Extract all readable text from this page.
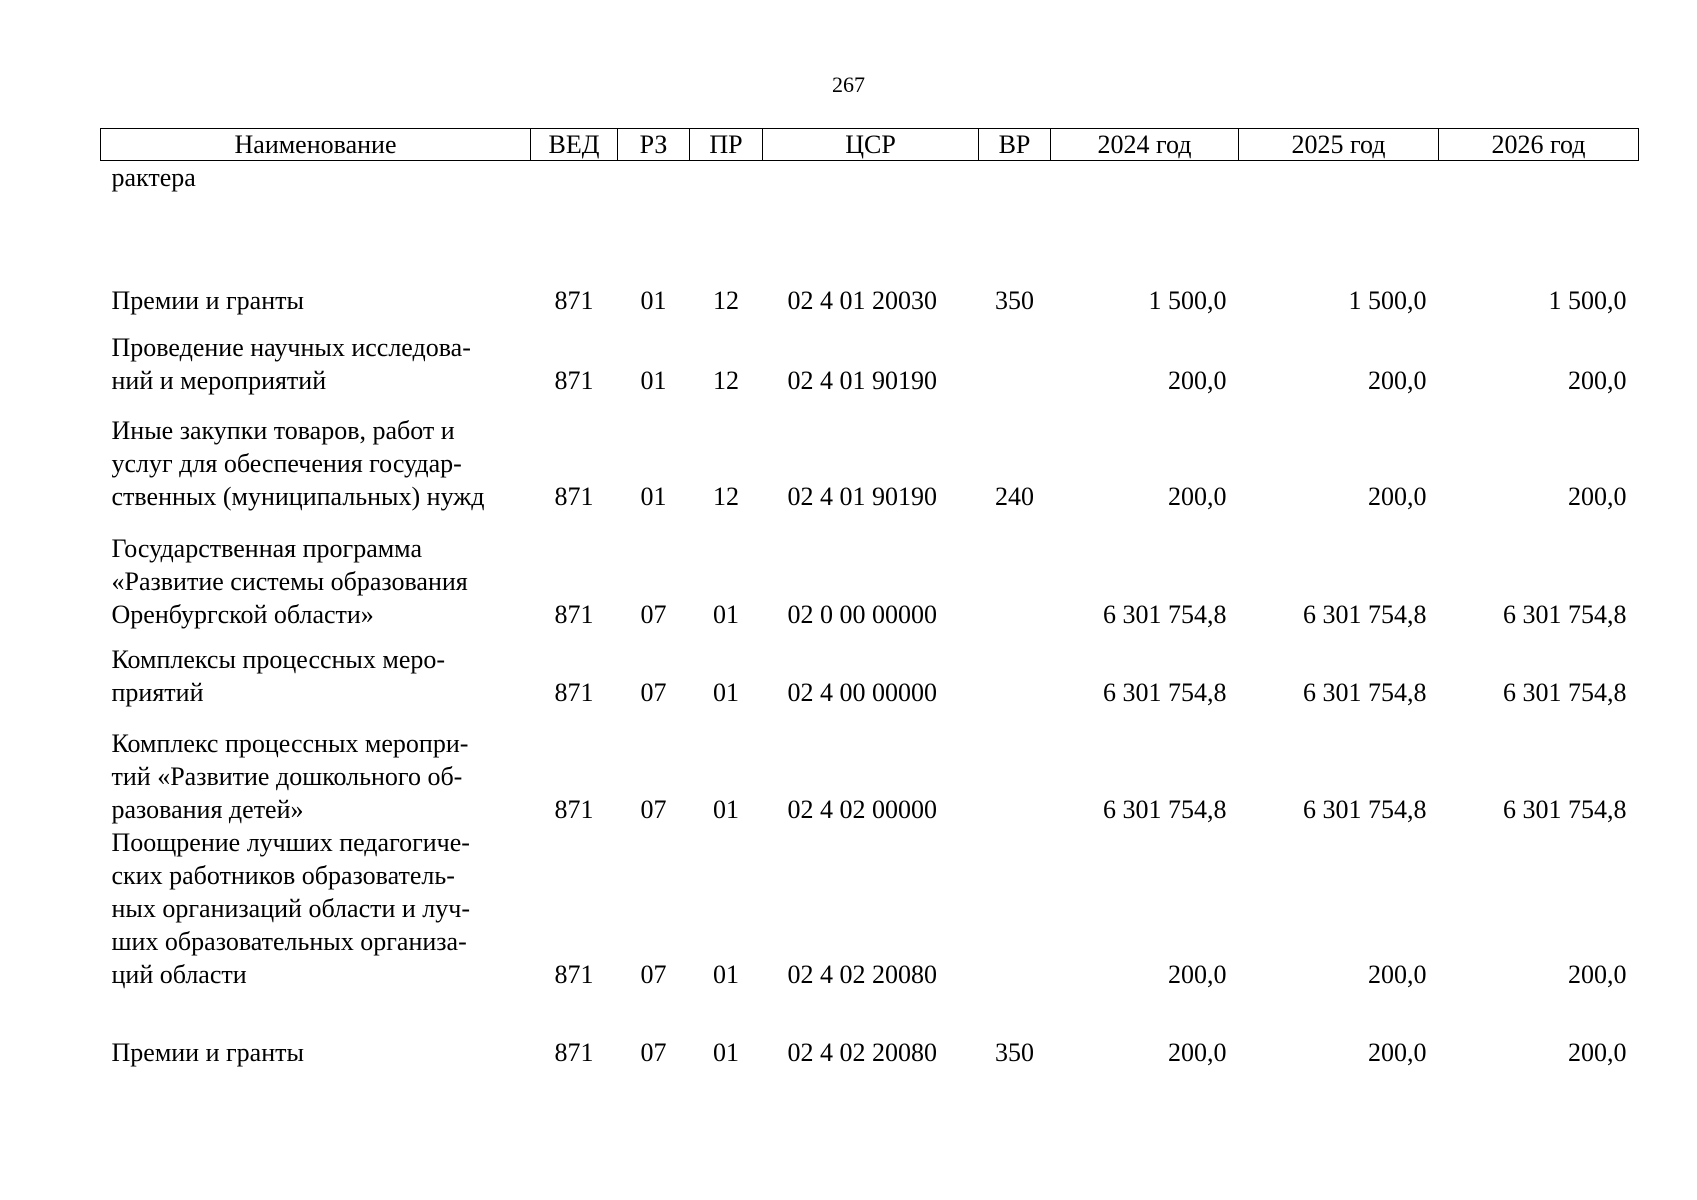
267
Наименование	ВЕД	РЗ	ПР	ЦСР	ВР	2024 год	2025 год	2026 год
рактера								
Премии и гранты	871	01	12	02 4 01 20030	350	1 500,0	1 500,0	1 500,0
Проведение научных исследова-
ний и мероприятий	871	01	12	02 4 01 90190		200,0	200,0	200,0
Иные закупки товаров, работ и
услуг для обеспечения государ-
ственных (муниципальных) нужд	871	01	12	02 4 01 90190	240	200,0	200,0	200,0
Государственная программа
«Развитие системы образования
Оренбургской области»	871	07	01	02 0 00 00000		6 301 754,8	6 301 754,8	6 301 754,8
Комплексы процессных меро-
приятий	871	07	01	02 4 00 00000		6 301 754,8	6 301 754,8	6 301 754,8
Комплекс процессных меропри-
тий «Развитие дошкольного об-
разования детей»	871	07	01	02 4 02 00000		6 301 754,8	6 301 754,8	6 301 754,8
Поощрение лучших педагогиче-
ских работников образователь-
ных организаций области и луч-
ших образовательных организа-
ций области	871	07	01	02 4 02 20080		200,0	200,0	200,0
Премии и гранты	871	07	01	02 4 02 20080	350	200,0	200,0	200,0
